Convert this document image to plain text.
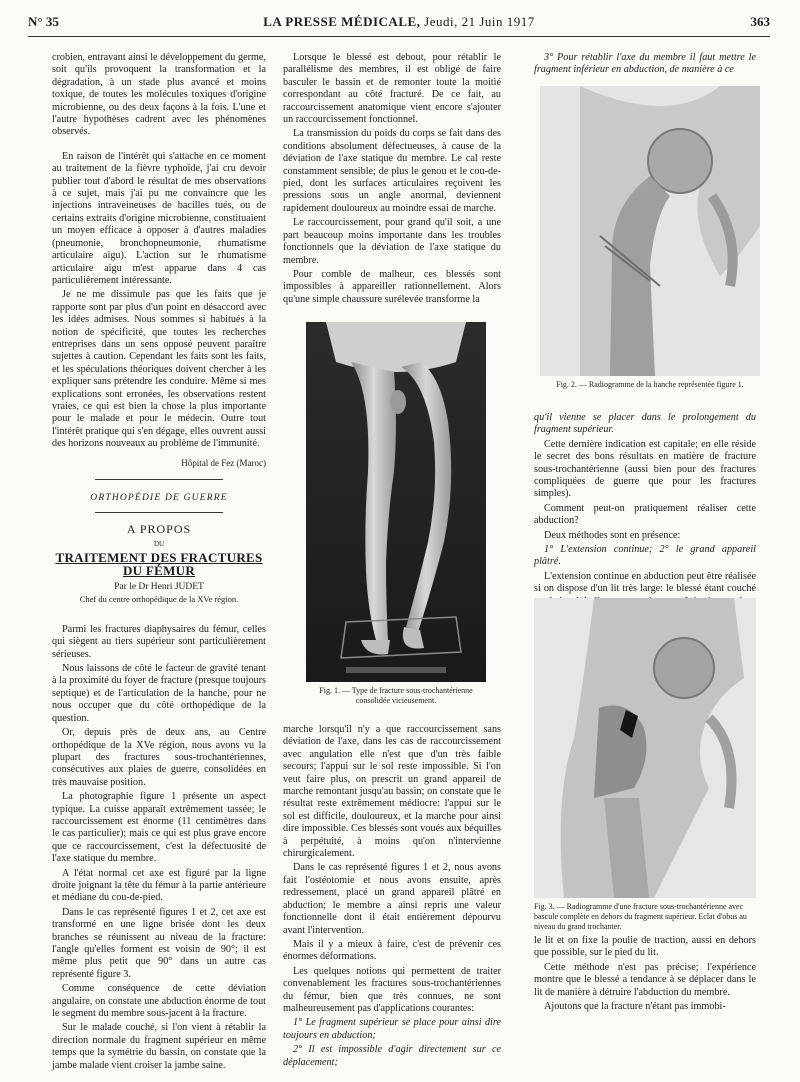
N° 35	LA PRESSE MÉDICALE, Jeudi, 21 Juin 1917	363

crobien, entravant ainsi le développement du germe, soit qu'ils provoquent la transformation et la dégradation, à un stade plus avancé et moins toxique, de toutes les molécules toxiques d'origine microbienne, ou des deux façons à la fois. L'une et l'autre hypothèses cadrent avec les phénomènes observés.

En raison de l'intérêt qui s'attache en ce moment au traitement de la fièvre typhoïde, j'ai cru devoir publier tout d'abord le résultat de mes observations à ce sujet, mais j'ai pu me convaincre que les injections intraveineuses de bacilles tués, ou de certains extraits d'origine microbienne, constituaient un moyen efficace à opposer à d'autres maladies (pneumonie, bronchopneumonie, rhumatisme articulaire aigu). L'action sur le rhumatisme articulaire aigu m'est apparue dans 4 cas particulièrement intéressante.

Je ne me dissimule pas que les faits que je rapporte sont par plus d'un point en désaccord avec les idées admises. Nous sommes si habitués à la notion de spécificité, que toutes les recherches entreprises dans un sens opposé peuvent paraître sujettes à caution. Cependant les faits sont les faits, et les spéculations théoriques doivent chercher à les expliquer sans prétendre les conduire. Même si mes explications sont erronées, les observations restent vraies, ce qui est bien la chose la plus importante pour le malade et pour le médecin. Outre tout l'intérêt pratique qui s'en dégage, elles ouvrent aussi des horizons nouveaux au problème de l'immunité.

Hôpital de Fez (Maroc)
ORTHOPÉDIE DE GUERRE
A PROPOS
DU
TRAITEMENT DES FRACTURES DU FÉMUR
Par le Dr Henri JUDET
Chef du centre orthopédique de la XVe région.

Parmi les fractures diaphysaires du fémur, celles qui siègent au tiers supérieur sont particulièrement sérieuses.

Nous laissons de côté le facteur de gravité tenant à la proximité du foyer de fracture (presque toujours septique) et de l'articulation de la hanche, pour ne nous occuper que du côté orthopédique de la question.

Or, depuis près de deux ans, au Centre orthopédique de la XVe région, nous avons vu la plupart des fractures sous-trochantériennes, consécutives aux plaies de guerre, consolidées en très mauvaise position.

La photographie figure 1 présente un aspect typique. La cuisse apparaît extrêmement tassée; le raccourcissement est énorme (11 centimètres dans le cas particulier); mais ce qui est plus grave encore que ce raccourcissement, c'est la défectuosité de l'axe statique du membre.

A l'état normal cet axe est figuré par la ligne droite joignant la tête du fémur à la partie antérieure et médiane du cou-de-pied.

Dans le cas représenté figures 1 et 2, cet axe est transformé en une ligne brisée dont les deux branches se réunissent au niveau de la fracture: l'angle qu'elles forment est voisin de 90°; il est même plus petit que 90° dans un autre cas représenté figure 3.

Comme conséquence de cette déviation angulaire, on constate une abduction énorme de tout le segment du membre sous-jacent à la fracture.

Sur le malade couché, si l'on vient à rétablir la direction normale du fragment supérieur en même temps que la symétrie du bassin, on constate que la jambe malade vient croiser la jambe saine.

Lorsque le blessé est debout, pour rétablir le parallélisme des membres, il est obligé de faire basculer le bassin et de remonter toute la moitié correspondant au côté fracturé. De ce fait, au raccourcissement anatomique vient encore s'ajouter un raccourcissement fonctionnel.

La transmission du poids du corps se fait dans des conditions absolument défectueuses, à cause de la déviation de l'axe statique du membre. Le cal reste constamment sensible; de plus le genou et le cou-de-pied, dont les surfaces articulaires reçoivent les pressions sous un angle anormal, deviennent rapidement douloureux au moindre essai de marche.

Le raccourcissement, pour grand qu'il soit, a une part beaucoup moins importante dans les troubles fonctionnels que la déviation de l'axe statique du membre.

Pour comble de malheur, ces blessés sont impossibles à appareiller rationnellement. Alors qu'une simple chaussure surélevée transforme la

Fig. 1. — Type de fracture sous-trochantérienne consolidée vicieusement.

marche lorsqu'il n'y a que raccourcissement sans déviation de l'axe, dans les cas de raccourcissement avec angulation elle n'est que d'un très faible secours; l'appui sur le sol reste impossible. Si l'on veut faire plus, on prescrit un grand appareil de marche remontant jusqu'au bassin; on constate que le résultat reste extrêmement médiocre: l'appui sur le sol est difficile, douloureux, et la marche pour ainsi dire impossible. Ces blessés sont voués aux béquilles à perpétuité, à moins qu'on n'intervienne chirurgicalement.

Dans le cas représenté figures 1 et 2, nous avons fait l'ostéotomie et nous avons ensuite, après redressement, placé un grand appareil plâtré en abduction; le membre a ainsi repris une valeur fonctionnelle dont il était entièrement dépourvu avant l'intervention.

Mais il y a mieux à faire, c'est de prévenir ces énormes déformations.

Les quelques notions qui permettent de traiter convenablement les fractures sous-trochantériennes du fémur, bien que très connues, ne sont malheureusement pas d'applications courantes:

1° Le fragment supérieur se place pour ainsi dire toujours en abduction;

2° Il est impossible d'agir directement sur ce déplacement;

3° Pour rétablir l'axe du membre il faut mettre le fragment inférieur en abduction, de manière à ce

Fig. 2. — Radiogramme de la hanche représentée figure 1.

qu'il vienne se placer dans le prolongement du fragment supérieur.

Cette dernière indication est capitale; en elle réside le secret des bons résultats en matière de fracture sous-trochantérienne (aussi bien pour des fractures compliquées de guerre que pour les fractures simples).

Comment peut-on pratiquement réaliser cette abduction?

Deux méthodes sont en présence:

1° L'extension continue; 2° le grand appareil plâtré.

L'extension continue en abduction peut être réalisée si on dispose d'un lit très large: le blessé étant couché

Fig. 3. — Radiogramme d'une fracture sous-trochantérienne avec bascule complète en dehors du fragment supérieur. Eclat d'obus au niveau du grand trochanter.

le lit et on fixe la poulie de traction, aussi en dehors que possible, sur le pied du lit.

Cette méthode n'est pas précise; l'expérience montre que le blessé a tendance à se déplacer dans le lit de manière à détruire l'abduction du membre.

Ajoutons que la fracture n'étant pas immobi-
